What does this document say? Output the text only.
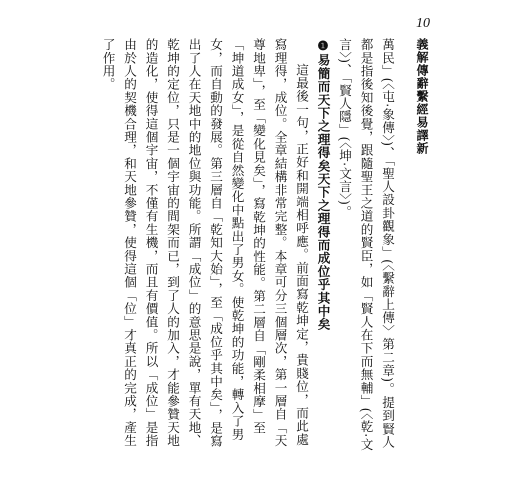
10
義解傳辭繫經易譯新

萬民」(〈屯‧象傳〉)、「聖人設卦觀象」(〈繫辭上傳〉第二章)。提到賢人都是指後知後覺，跟隨聖王之道的賢臣，如「賢人在下而無輔」(〈乾‧文言〉)、「賢人隱」(〈坤‧文言〉)。

❶易簡而天下之理得矣天下之理得而成位乎其中矣

這最後一句，正好和開端相呼應。前面寫乾坤定，貴賤位，而此處寫理得，成位。全章結構非常完整。本章可分三個層次，第一層自「天尊地卑」，至「變化見矣」，寫乾坤的性能。第二層自「剛柔相摩」至「坤道成女」，是從自然變化中點出了男女。使乾坤的功能，轉入了男女，而自動的發展。第三層自「乾知大始」，至「成位乎其中矣」，是寫出了人在天地中的地位與功能。所謂「成位」的意思是說，單有天地、乾坤的定位，只是一個宇宙的間架而已，到了人的加入，才能參贊天地的造化，使得這個宇宙，不僅有生機，而且有價值。所以「成位」是指由於人的契機合理，和天地參贊，使得這個「位」才真正的完成，產生了作用。
